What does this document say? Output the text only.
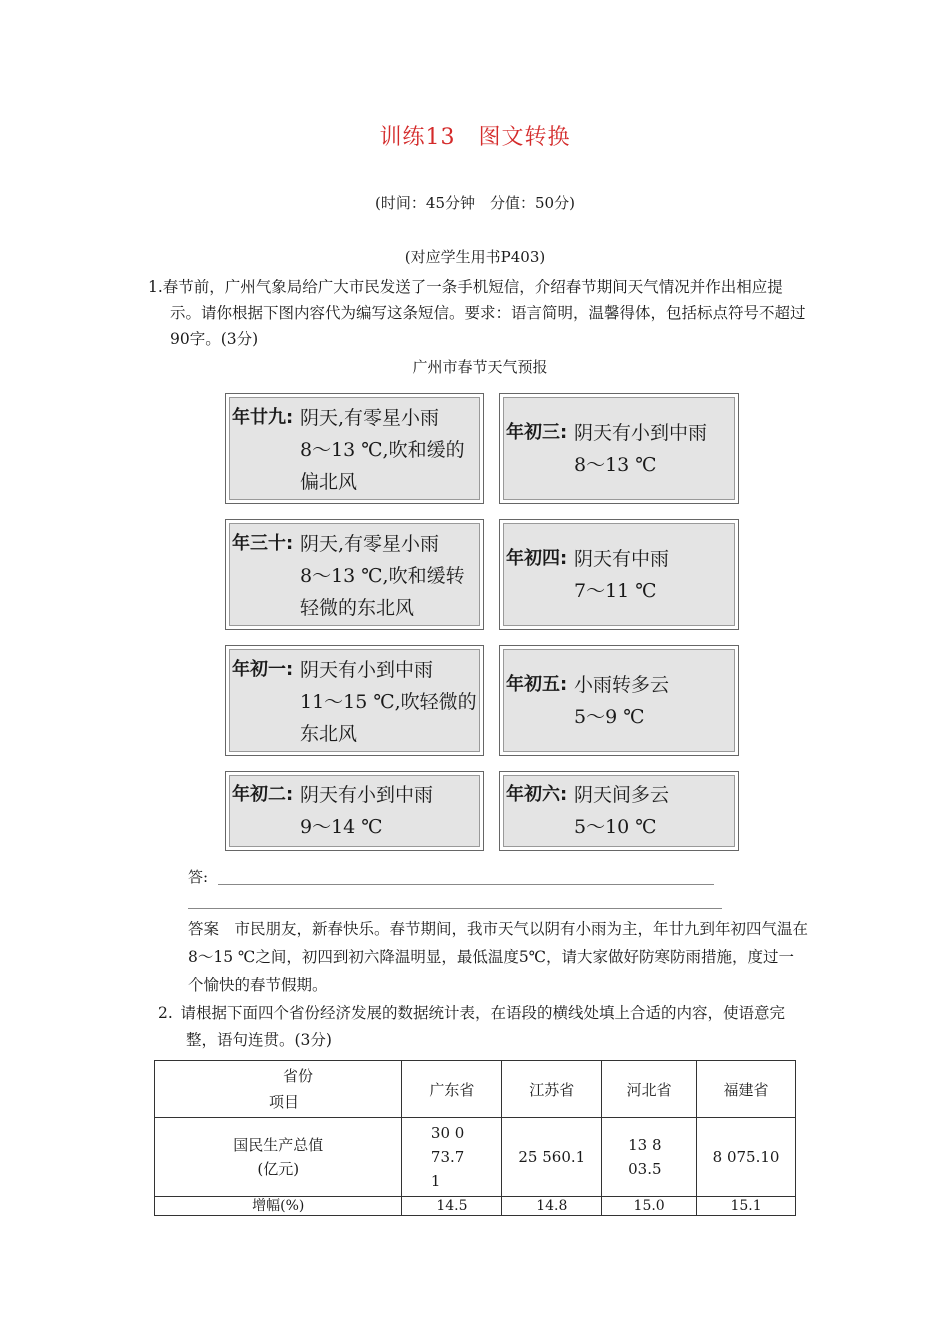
训练13　图文转换
(时间：45分钟　分值：50分)
(对应学生用书P403)
1.春节前，广州气象局给广大市民发送了一条手机短信，介绍春节期间天气情况并作出相应提示。请你根据下图内容代为编写这条短信。要求：语言简明，温馨得体，包括标点符号不超过90字。(3分)
广州市春节天气预报
年廿九: 阴天,有零星小雨
8～13 ℃,吹和缓的
偏北风
年初三: 阴天有小到中雨
8～13 ℃
年三十: 阴天,有零星小雨
8～13 ℃,吹和缓转
轻微的东北风
年初四: 阴天有中雨
7～11 ℃
年初一: 阴天有小到中雨
11～15 ℃,吹轻微的
东北风
年初五: 小雨转多云
5～9 ℃
年初二: 阴天有小到中雨
9～14 ℃
年初六: 阴天间多云
5～10 ℃
答:
答案　市民朋友，新春快乐。春节期间，我市天气以阴有小雨为主，年廿九到年初四气温在8～15 ℃之间，初四到初六降温明显，最低温度5℃，请大家做好防寒防雨措施，度过一个愉快的春节假期。
2.  请根据下面四个省份经济发展的数据统计表，在语段的横线处填上合适的内容，使语意完整，语句连贯。(3分)
省份
项目	广东省	江苏省	河北省	福建省

国民生产总值
(亿元)	30 073.71	25 560.1	13 803.5	8 075.10
增幅(%)	14.5	14.8	15.0	15.1
